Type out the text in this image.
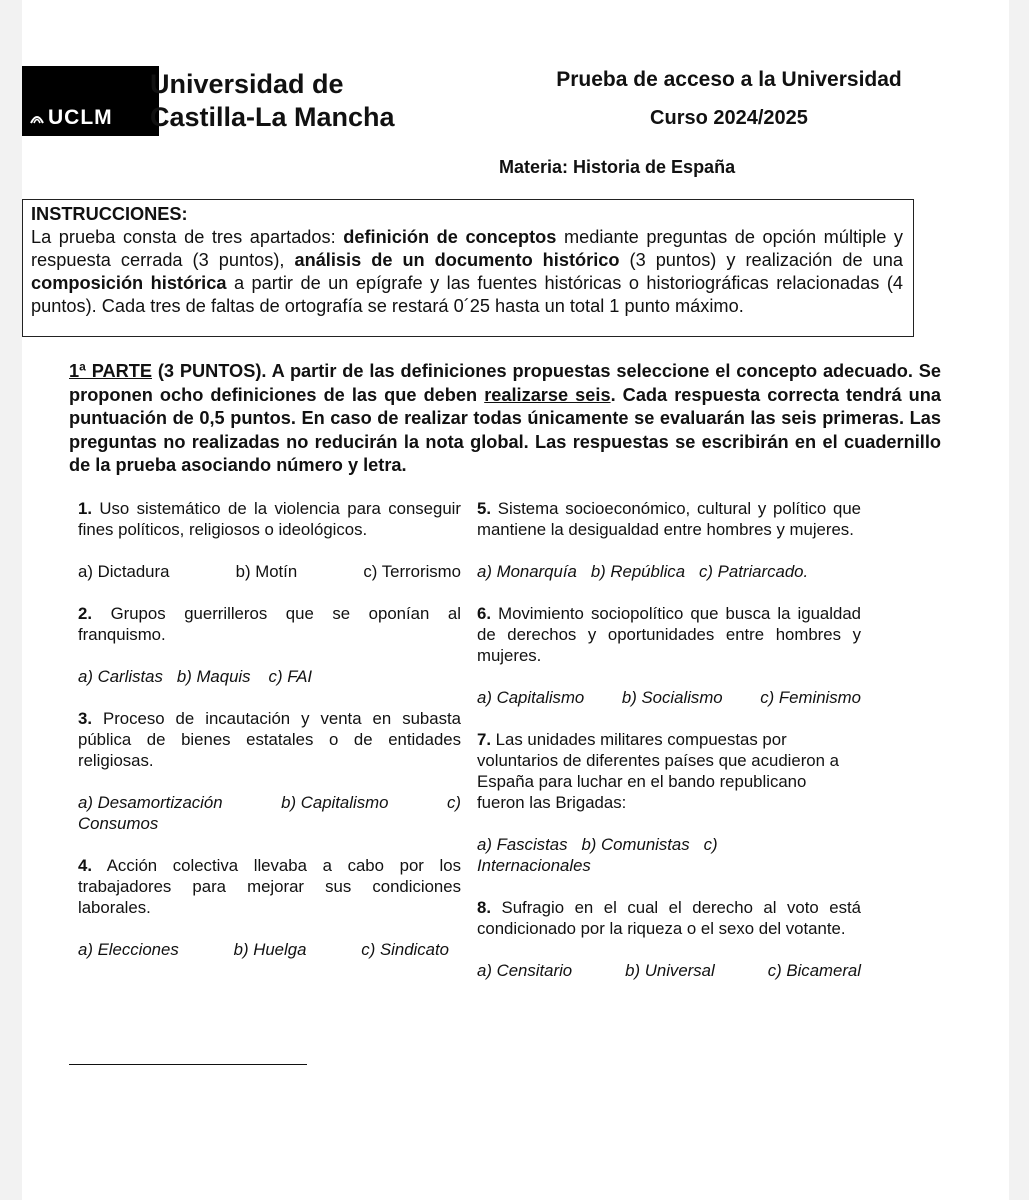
UCLM
Universidad de
Castilla-La Mancha
Prueba de acceso a la Universidad
Curso 2024/2025
Materia: Historia de España
INSTRUCCIONES:
La prueba consta de tres apartados: definición de conceptos mediante preguntas de opción múltiple y respuesta cerrada (3 puntos), análisis de un documento histórico (3 puntos) y realización de una composición histórica a partir de un epígrafe y las fuentes históricas o historiográficas relacionadas (4 puntos). Cada tres de faltas de ortografía se restará 0´25 hasta un total 1 punto máximo.
1ª PARTE (3 PUNTOS). A partir de las definiciones propuestas seleccione el concepto adecuado. Se proponen ocho definiciones de las que deben realizarse seis. Cada respuesta correcta tendrá una puntuación de 0,5 puntos. En caso de realizar todas únicamente se evaluarán las seis primeras. Las preguntas no realizadas no reducirán la nota global. Las respuestas se escribirán en el cuadernillo de la prueba asociando número y letra.
1. Uso sistemático de la violencia para conseguir fines políticos, religiosos o ideológicos.
a) Dictadura	b) Motín	c) Terrorismo
2. Grupos guerrilleros que se oponían al franquismo.
a) Carlistas b) Maquis c) FAI
3. Proceso de incautación y venta en subasta pública de bienes estatales o de entidades religiosas.
a) Desamortización	b) Capitalismo	c)
Consumos
4. Acción colectiva llevaba a cabo por los trabajadores para mejorar sus condiciones laborales.
a) Elecciones	b) Huelga	c) Sindicato
5. Sistema socioeconómico, cultural y político que mantiene la desigualdad entre hombres y mujeres.
a) Monarquía b) República c) Patriarcado.
6. Movimiento sociopolítico que busca la igualdad de derechos y oportunidades entre hombres y mujeres.
a) Capitalismo b) Socialismo c) Feminismo
7. Las unidades militares compuestas por voluntarios de diferentes países que acudieron a España para luchar en el bando republicano fueron las Brigadas:
a) Fascistas b) Comunistas c)
Internacionales
8. Sufragio en el cual el derecho al voto está condicionado por la riqueza o el sexo del votante.
a) Censitario	b) Universal	c) Bicameral
